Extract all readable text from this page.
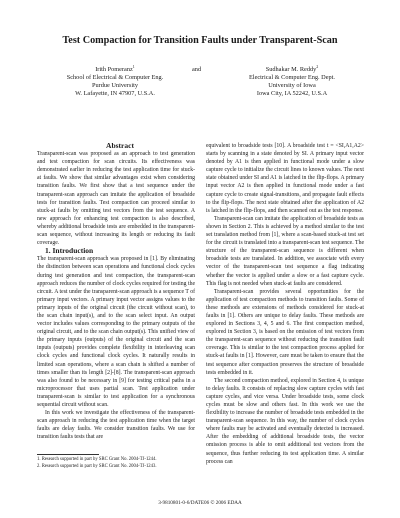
Test Compaction for Transition Faults under Transparent-Scan
Irith Pomeranz$^1$
School of Electrical & Computer Eng.
Purdue University
W. Lafayette, IN 47907, U.S.A.
and	Sudhakar M. Reddy$^2$
Electrical & Computer Eng. Dept.
University of Iowa
Iowa City, IA 52242, U.S.A

Abstract

Transparent-scan was proposed as an approach to test generation and test compaction for scan circuits. Its effectiveness was demonstrated earlier in reducing the test application time for stuck-at faults. We show that similar advantages exist when considering transition faults. We first show that a test sequence under the transparent-scan approach can imitate the application of broadside tests for transition faults. Test compaction can proceed similar to stuck-at faults by omitting test vectors from the test sequence. A new approach for enhancing test compaction is also described, whereby additional broadside tests are embedded in the transparent-scan sequence, without increasing its length or reducing its fault coverage.

1. Introduction

The transparent-scan approach was proposed in [1]. By eliminating the distinction between scan operations and functional clock cycles during test generation and test compaction, the transparent-scan approach reduces the number of clock cycles required for testing the circuit. A test under the transparent-scan approach is a sequence T of primary input vectors. A primary input vector assigns values to the primary inputs of the original circuit (the circuit without scan), to the scan chain input(s), and to the scan select input. An output vector includes values corresponding to the primary outputs of the original circuit, and to the scan chain output(s). This unified view of the primary inputs (outputs) of the original circuit and the scan inputs (outputs) provides complete flexibility in interleaving scan clock cycles and functional clock cycles. It naturally results in limited scan operations, where a scan chain is shifted a number of times smaller than its length [2]-[8]. The transparent-scan approach was also found to be necessary in [9] for testing critical paths in a microprocessor that uses partial scan. Test application under transparent-scan is similar to test application for a synchronous sequential circuit without scan.

In this work we investigate the effectiveness of the transparent-scan approach in reducing the test application time when the target faults are delay faults. We consider transition faults. We use for transition faults tests that are

1. Research supported in part by SRC Grant No. 2004-TJ-1244.
2. Research supported in part by SRC Grant No. 2004-TJ-1243.

equivalent to broadside tests [10]. A broadside test t = <SI,A1,A2> starts by scanning in a state denoted by SI. A primary input vector denoted by A1 is then applied in functional mode under a slow capture cycle to initialize the circuit lines to known values. The next state obtained under SI and A1 is latched in the flip-flops. A primary input vector A2 is then applied in functional mode under a fast capture cycle to create signal-transitions, and propagate fault effects to the flip-flops. The next state obtained after the application of A2 is latched in the flip-flops, and then scanned out as the test response.

Transparent-scan can imitate the application of broadside tests as shown in Section 2. This is achieved by a method similar to the test set translation method from [1], where a scan-based stuck-at test set for the circuit is translated into a transparent-scan test sequence. The structure of the transparent-scan sequence is different when broadside tests are translated. In addition, we associate with every vector of the transparent-scan test sequence a flag indicating whether the vector is applied under a slow or a fast capture cycle. This flag is not needed when stuck-at faults are considered.

Transparent-scan provides several opportunities for the application of test compaction methods to transition faults. Some of these methods are extensions of methods considered for stuck-at faults in [1]. Others are unique to delay faults. These methods are explored in Sections 3, 4, 5 and 6. The first compaction method, explored in Section 3, is based on the omission of test vectors from the transparent-scan sequence without reducing the transition fault coverage. This is similar to the test compaction process applied for stuck-at faults in [1]. However, care must be taken to ensure that the test sequence after compaction preserves the structure of broadside tests embedded in it.

The second compaction method, explored in Section 4, is unique to delay faults. It consists of replacing slow capture cycles with fast capture cycles, and vice versa. Under broadside tests, some clock cycles must be slow and others fast. In this work we use the flexibility to increase the number of broadside tests embedded in the transparent-scan sequence. In this way, the number of clock cycles where faults may be activated and eventually detected is increased. After the embedding of additional broadside tests, the vector omission process is able to omit additional test vectors from the sequence, thus further reducing its test application time. A similar process can

3-9810801-0-6/DATE06 © 2006 EDAA
